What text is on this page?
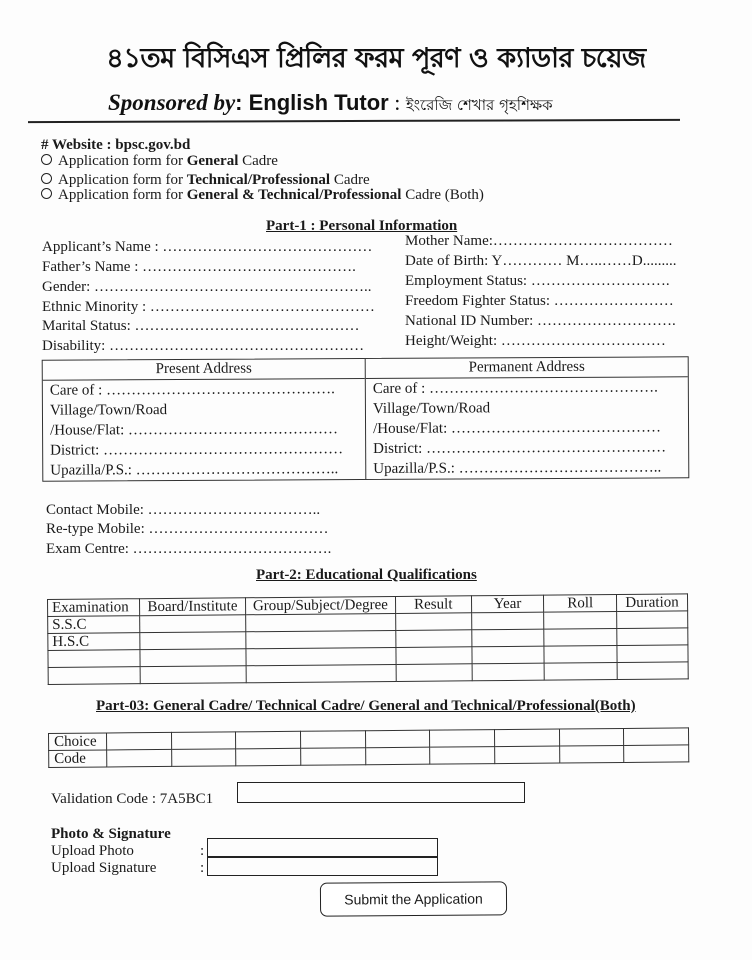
৪১তম বিসিএস প্রিলির ফরম পূরণ ও ক্যাডার চয়েজ
Sponsored by: English Tutor : ইংরেজি শেখার গৃহশিক্ষক
# Website : bpsc.gov.bd
Application form for General Cadre
Application form for Technical/Professional Cadre
Application form for General & Technical/Professional Cadre (Both)
Part-1 : Personal Information
Applicant’s Name : ……………………………………
Father’s Name : …………………………………….
Gender: ………………………………………………..
Ethnic Minority : ………………………………………
Marital Status: ………………………………………
Disability: ……………………………………………
Mother Name:………………………………
Date of Birth: Y………… M…..……D.........
Employment Status: ……………………….
Freedom Fighter Status: ……………………
National ID Number: ……………………….
Height/Weight: ……………………………
Present Address
Care of : ……………………………………….
Village/Town/Road
/House/Flat: ……………………………………
District: …………………………………………
Upazilla/P.S.: …………………………………..
Permanent Address
Care of : ……………………………………….
Village/Town/Road
/House/Flat: ……………………………………
District: …………………………………………
Upazilla/P.S.: …………………………………..
Contact Mobile: ……………………………..
Re-type Mobile: ………………………………
Exam Centre: ………………………………….
Part-2: Educational Qualifications
Examination	Board/Institute	Group/Subject/Degree	Result	Year	Roll	Duration
S.S.C						
H.S.C						

Part-03: General Cadre/ Technical Cadre/ General and Technical/Professional(Both)
Choice									
Code									
Validation Code : 7A5BC1
Photo & Signature
Upload Photo	:
Upload Signature	:
Submit the Application
